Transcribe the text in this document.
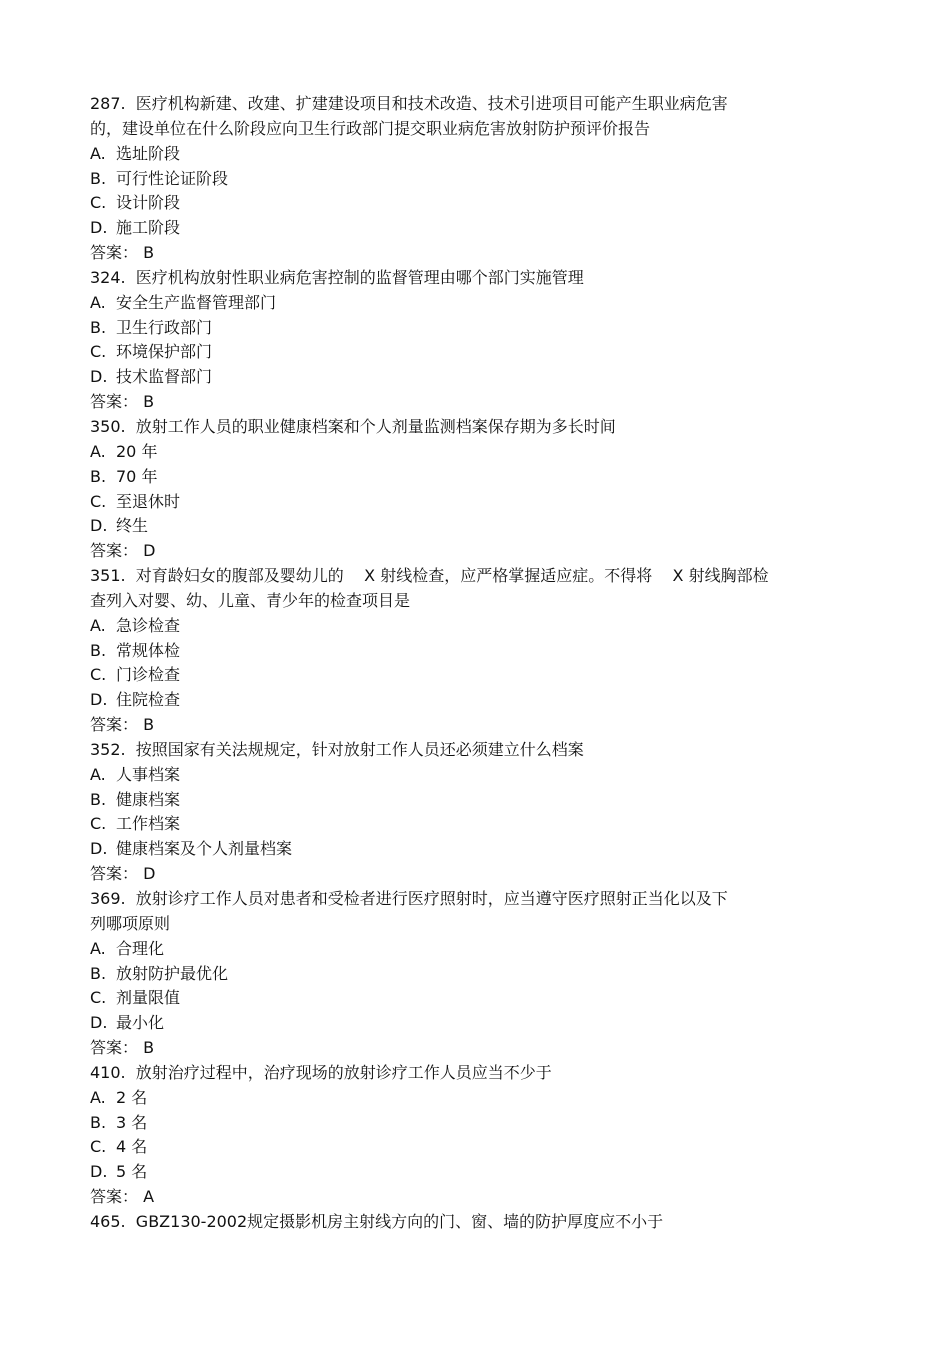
287. 医疗机构新建、改建、扩建建设项目和技术改造、技术引进项目可能产生职业病危害
的，建设单位在什么阶段应向卫生行政部门提交职业病危害放射防护预评价报告
A. 选址阶段
B. 可行性论证阶段
C. 设计阶段
D. 施工阶段
答案： B
324. 医疗机构放射性职业病危害控制的监督管理由哪个部门实施管理
A. 安全生产监督管理部门
B. 卫生行政部门
C. 环境保护部门
D. 技术监督部门
答案： B
350. 放射工作人员的职业健康档案和个人剂量监测档案保存期为多长时间
A. 20 年
B. 70 年
C. 至退休时
D. 终生
答案： D
351. 对育龄妇女的腹部及婴幼儿的    X 射线检查，应严格掌握适应症。不得将    X 射线胸部检
查列入对婴、幼、儿童、青少年的检查项目是
A. 急诊检查
B. 常规体检
C. 门诊检查
D. 住院检查
答案： B
352. 按照国家有关法规规定，针对放射工作人员还必须建立什么档案
A. 人事档案
B. 健康档案
C. 工作档案
D. 健康档案及个人剂量档案
答案： D
369. 放射诊疗工作人员对患者和受检者进行医疗照射时，应当遵守医疗照射正当化以及下
列哪项原则
A. 合理化
B. 放射防护最优化
C. 剂量限值
D. 最小化
答案： B
410. 放射治疗过程中，治疗现场的放射诊疗工作人员应当不少于
A. 2 名
B. 3 名
C. 4 名
D. 5 名
答案： A
465. GBZ130-2002规定摄影机房主射线方向的门、窗、墙的防护厚度应不小于
